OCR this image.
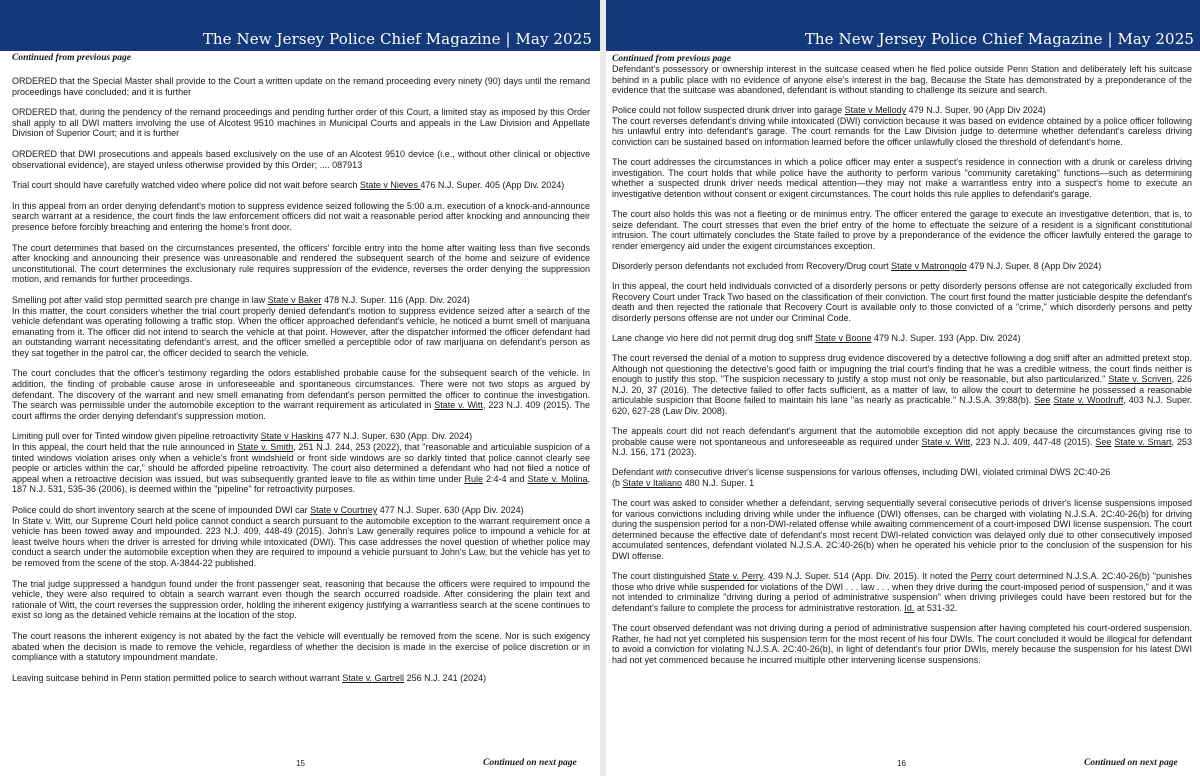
The New Jersey Police Chief Magazine | May 2025
Continued from previous page

ORDERED that the Special Master shall provide to the Court a written update on the remand proceeding every ninety (90) days until the remand proceedings have concluded; and it is further

ORDERED that, during the pendency of the remand proceedings and pending further order of this Court, a limited stay as imposed by this Order shall apply to all DWI matters involving the use of Alcotest 9510 machines in Municipal Courts and appeals in the Law Division and Appellate Division of Superior Court; and it is further

ORDERED that DWI prosecutions and appeals based exclusively on the use of an Alcotest 9510 device (i.e., without other clinical or objective observational evidence), are stayed unless otherwise provided by this Order; .... 087913

Trial court should have carefully watched video where police did not wait before search State v Nieves 476 N.J. Super. 405 (App Div. 2024)

In this appeal from an order denying defendant's motion to suppress evidence seized following the 5:00 a.m. execution of a knock-and-announce search warrant at a residence, the court finds the law enforcement officers did not wait a reasonable period after knocking and announcing their presence before forcibly breaching and entering the home's front door.

The court determines that based on the circumstances presented, the officers' forcible entry into the home after waiting less than five seconds after knocking and announcing their presence was unreasonable and rendered the subsequent search of the home and seizure of evidence unconstitutional. The court determines the exclusionary rule requires suppression of the evidence, reverses the order denying the suppression motion, and remands for further proceedings.

Smelling pot after valid stop permitted search pre change in law State v Baker 478 N.J. Super. 116 (App. Div. 2024)

In this matter, the court considers whether the trial court properly denied defendant's motion to suppress evidence seized after a search of the vehicle defendant was operating following a traffic stop. When the officer approached defendant's vehicle, he noticed a burnt smell of marijuana emanating from it. The officer did not intend to search the vehicle at that point. However, after the dispatcher informed the officer defendant had an outstanding warrant necessitating defendant's arrest, and the officer smelled a perceptible odor of raw marijuana on defendant's person as they sat together in the patrol car, the officer decided to search the vehicle.

The court concludes that the officer's testimony regarding the odors established probable cause for the subsequent search of the vehicle. In addition, the finding of probable cause arose in unforeseeable and spontaneous circumstances. There were not two stops as argued by defendant. The discovery of the warrant and new smell emanating from defendant's person permitted the officer to continue the investigation. The search was permissible under the automobile exception to the warrant requirement as articulated in State v. Witt, 223 N.J. 409 (2015). The court affirms the order denying defendant's suppression motion.

Limiting pull over for Tinted window given pipeline retroactivity State v Haskins 477 N.J. Super. 630 (App. Div. 2024)

In this appeal, the court held that the rule announced in State v. Smith, 251 N.J. 244, 253 (2022), that "reasonable and articulable suspicion of a tinted windows violation arises only when a vehicle's front windshield or front side windows are so darkly tinted that police cannot clearly see people or articles within the car," should be afforded pipeline retroactivity. The court also determined a defendant who had not filed a notice of appeal when a retroactive decision was issued, but was subsequently granted leave to file as within time under Rule 2:4-4 and State v. Molina, 187 N.J. 531, 535-36 (2006), is deemed within the "pipeline" for retroactivity purposes.

Police could do short inventory search at the scene of impounded DWI car State v Courtney 477 N.J. Super. 630 (App Div. 2024)

In State v. Witt, our Supreme Court held police cannot conduct a search pursuant to the automobile exception to the warrant requirement once a vehicle has been towed away and impounded. 223 N.J. 409, 448-49 (2015). John's Law generally requires police to impound a vehicle for at least twelve hours when the driver is arrested for driving while intoxicated (DWI). This case addresses the novel question of whether police may conduct a search under the automobile exception when they are required to impound a vehicle pursuant to John's Law, but the vehicle has yet to be removed from the scene of the stop. A-3844-22 published.

The trial judge suppressed a handgun found under the front passenger seat, reasoning that because the officers were required to impound the vehicle, they were also required to obtain a search warrant even though the search occurred roadside. After considering the plain text and rationale of Witt, the court reverses the suppression order, holding the inherent exigency justifying a warrantless search at the scene continues to exist so long as the detained vehicle remains at the location of the stop.

The court reasons the inherent exigency is not abated by the fact the vehicle will eventually be removed from the scene. Nor is such exigency abated when the decision is made to remove the vehicle, regardless of whether the decision is made in the exercise of police discretion or in compliance with a statutory impoundment mandate.

Leaving suitcase behind in Penn station permitted police to search without warrant State v. Gartrell 256 N.J. 241 (2024)

15	Continued on next page
The New Jersey Police Chief Magazine | May 2025
Continued from previous page

Defendant's possessory or ownership interest in the suitcase ceased when he fled police outside Penn Station and deliberately left his suitcase behind in a public place with no evidence of anyone else's interest in the bag. Because the State has demonstrated by a preponderance of the evidence that the suitcase was abandoned, defendant is without standing to challenge its seizure and search.

Police could not follow suspected drunk driver into garage State v Mellody 479 N.J. Super. 90 (App Div 2024)

The court reverses defendant's driving while intoxicated (DWI) conviction because it was based on evidence obtained by a police officer following his unlawful entry into defendant's garage. The court remands for the Law Division judge to determine whether defendant's careless driving conviction can be sustained based on information learned before the officer unlawfully closed the threshold of defendant's home.

The court addresses the circumstances in which a police officer may enter a suspect's residence in connection with a drunk or careless driving investigation. The court holds that while police have the authority to perform various "community caretaking" functions—such as determining whether a suspected drunk driver needs medical attention—they may not make a warrantless entry into a suspect's home to execute an investigative detention without consent or exigent circumstances. The court holds this rule applies to defendant's garage.

The court also holds this was not a fleeting or de minimus entry. The officer entered the garage to execute an investigative detention, that is, to seize defendant. The court stresses that even the brief entry of the home to effectuate the seizure of a resident is a significant constitutional intrusion. The court ultimately concludes the State failed to prove by a preponderance of the evidence the officer lawfully entered the garage to render emergency aid under the exigent circumstances exception.

Disorderly person defendants not excluded from Recovery/Drug court State v Matrongolo 479 N.J. Super. 8 (App Div 2024)

In this appeal, the court held individuals convicted of a disorderly persons or petty disorderly persons offense are not categorically excluded from Recovery Court under Track Two based on the classification of their conviction. The court first found the matter justiciable despite the defendant's death and then rejected the rationale that Recovery Court is available only to those convicted of a "crime," which disorderly persons and petty disorderly persons offense are not under our Criminal Code.

Lane change vio here did not permit drug dog sniff State v Boone 479 N.J. Super. 193 (App. Div. 2024)

The court reversed the denial of a motion to suppress drug evidence discovered by a detective following a dog sniff after an admitted pretext stop. Although not questioning the detective's good faith or impugning the trial court's finding that he was a credible witness, the court finds neither is enough to justify this stop. "The suspicion necessary to justify a stop must not only be reasonable, but also particularized." State v. Scriven, 226 N.J. 20, 37 (2016). The detective failed to offer facts sufficient, as a matter of law, to allow the court to determine he possessed a reasonable articulable suspicion that Boone failed to maintain his lane "as nearly as practicable." N.J.S.A. 39:88(b). See State v. Woodruff, 403 N.J. Super. 620, 627-28 (Law Div. 2008).

The appeals court did not reach defendant's argument that the automobile exception did not apply because the circumstances giving rise to probable cause were not spontaneous and unforeseeable as required under State v. Witt, 223 N.J. 409, 447-48 (2015). See State v. Smart, 253 N.J. 156, 171 (2023).

Defendant with consecutive driver's license suspensions for various offenses, including DWI, violated criminal DWS 2C:40-26
(b State v Italiano 480 N.J. Super. 1

The court was asked to consider whether a defendant, serving sequentially several consecutive periods of driver's license suspensions imposed for various convictions including driving while under the influence (DWI) offenses, can be charged with violating N.J.S.A. 2C:40-26(b) for driving during the suspension period for a non-DWI-related offense while awaiting commencement of a court-imposed DWI license suspension. The court determined because the effective date of defendant's most recent DWI-related conviction was delayed only due to other consecutively imposed accumulated sentences, defendant violated N.J.S.A. 2C:40-26(b) when he operated his vehicle prior to the conclusion of the suspension for his DWI offense.

The court distinguished State v. Perry, 439 N.J. Super. 514 (App. Div. 2015). It noted the Perry court determined N.J.S.A. 2C:40-26(b) "punishes those who drive while suspended for violations of the DWI . . . law . . . when they drive during the court-imposed period of suspension," and it was not intended to criminalize "driving during a period of administrative suspension" when driving privileges could have been restored but for the defendant's failure to complete the process for administrative restoration. Id. at 531-32.

The court observed defendant was not driving during a period of administrative suspension after having completed his court-ordered suspension. Rather, he had not yet completed his suspension term for the most recent of his four DWIs. The court concluded it would be illogical for defendant to avoid a conviction for violating N.J.S.A. 2C:40-26(b), in light of defendant's four prior DWIs, merely because the suspension for his latest DWI had not yet commenced because he incurred multiple other intervening license suspensions.

16	Continued on next page
